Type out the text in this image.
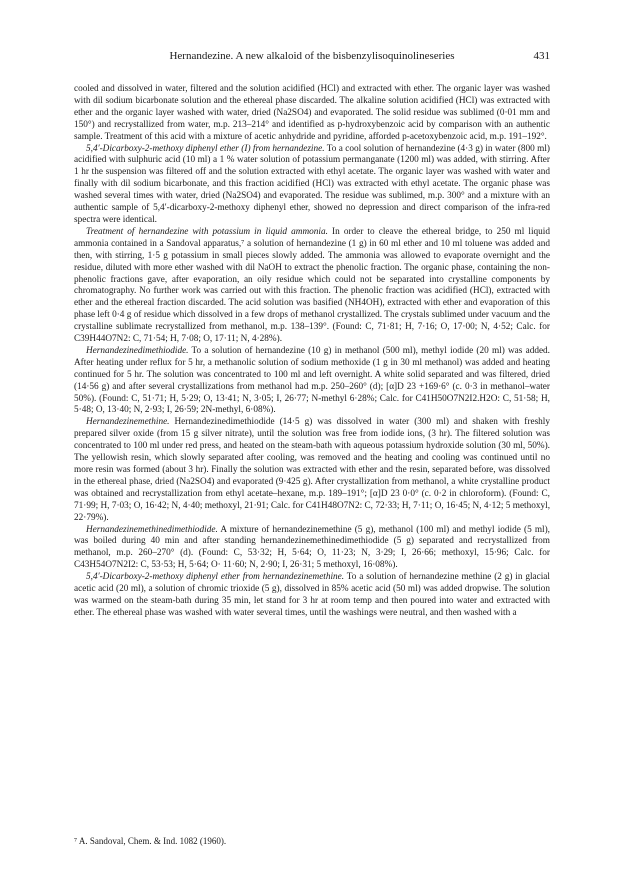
Hernandezine. A new alkaloid of the bisbenzylisoquinolineseries	431

cooled and dissolved in water, filtered and the solution acidified (HCl) and extracted with ether. The organic layer was washed with dil sodium bicarbonate solution and the ethereal phase discarded. The alkaline solution acidified (HCl) was extracted with ether and the organic layer washed with water, dried (Na2SO4) and evaporated. The solid residue was sublimed (0·01 mm and 150°) and recrystallized from water, m.p. 213–214° and identified as p-hydroxybenzoic acid by comparison with an authentic sample. Treatment of this acid with a mixture of acetic anhydride and pyridine, afforded p-acetoxybenzoic acid, m.p. 191–192°.

5,4′-Dicarboxy-2-methoxy diphenyl ether (I) from hernandezine. To a cool solution of hernandezine (4·3 g) in water (800 ml) acidified with sulphuric acid (10 ml) a 1 % water solution of potassium permanganate (1200 ml) was added, with stirring. After 1 hr the suspension was filtered off and the solution extracted with ethyl acetate. The organic layer was washed with water and finally with dil sodium bicarbonate, and this fraction acidified (HCl) was extracted with ethyl acetate. The organic phase was washed several times with water, dried (Na2SO4) and evaporated. The residue was sublimed, m.p. 300° and a mixture with an authentic sample of 5,4′-dicarboxy-2-methoxy diphenyl ether, showed no depression and direct comparison of the infra-red spectra were identical.

Treatment of hernandezine with potassium in liquid ammonia. In order to cleave the ethereal bridge, to 250 ml liquid ammonia contained in a Sandoval apparatus,⁷ a solution of hernandezine (1 g) in 60 ml ether and 10 ml toluene was added and then, with stirring, 1·5 g potassium in small pieces slowly added. The ammonia was allowed to evaporate overnight and the residue, diluted with more ether washed with dil NaOH to extract the phenolic fraction. The organic phase, containing the nonphenolic fractions gave, after evaporation, an oily residue which could not be separated into crystalline components by chromatography. No further work was carried out with this fraction. The phenolic fraction was acidified (HCl), extracted with ether and the ethereal fraction discarded. The acid solution was basified (NH4OH), extracted with ether and evaporation of this phase left 0·4 g of residue which dissolved in a few drops of methanol crystallized. The crystals sublimed under vacuum and the crystalline sublimate recrystallized from methanol, m.p. 138–139°. (Found: C, 71·81; H, 7·16; O, 17·00; N, 4·52; Calc. for C39H44O7N2: C, 71·54; H, 7·08; O, 17·11; N, 4·28%).

Hernandezinedimethiodide. To a solution of hernandezine (10 g) in methanol (500 ml), methyl iodide (20 ml) was added. After heating under reflux for 5 hr, a methanolic solution of sodium methoxide (1 g in 30 ml methanol) was added and heating continued for 5 hr. The solution was concentrated to 100 ml and left overnight. A white solid separated and was filtered, dried (14·56 g) and after several crystallizations from methanol had m.p. 250–260° (d); [α]D 23 +169·6° (c. 0·3 in methanol–water 50%). (Found: C, 51·71; H, 5·29; O, 13·41; N, 3·05; I, 26·77; N-methyl 6·28%; Calc. for C41H50O7N2I2.H2O: C, 51·58; H, 5·48; O, 13·40; N, 2·93; I, 26·59; 2N-methyl, 6·08%).

Hernandezinemethine. Hernandezinedimethiodide (14·5 g) was dissolved in water (300 ml) and shaken with freshly prepared silver oxide (from 15 g silver nitrate), until the solution was free from iodide ions, (3 hr). The filtered solution was concentrated to 100 ml under red press, and heated on the steam-bath with aqueous potassium hydroxide solution (30 ml, 50%). The yellowish resin, which slowly separated after cooling, was removed and the heating and cooling was continued until no more resin was formed (about 3 hr). Finally the solution was extracted with ether and the resin, separated before, was dissolved in the ethereal phase, dried (Na2SO4) and evaporated (9·425 g). After crystallization from methanol, a white crystalline product was obtained and recrystallization from ethyl acetate–hexane, m.p. 189–191°; [α]D 23 0·0° (c. 0·2 in chloroform). (Found: C, 71·99; H, 7·03; O, 16·42; N, 4·40; methoxyl, 21·91; Calc. for C41H48O7N2: C, 72·33; H, 7·11; O, 16·45; N, 4·12; 5 methoxyl, 22·79%).

Hernandezinemethinedimethiodide. A mixture of hernandezinemethine (5 g), methanol (100 ml) and methyl iodide (5 ml), was boiled during 40 min and after standing hernandezinemethinedimethiodide (5 g) separated and recrystallized from methanol, m.p. 260–270° (d). (Found: C, 53·32; H, 5·64; O, 11·23; N, 3·29; I, 26·66; methoxyl, 15·96; Calc. for C43H54O7N2I2: C, 53·53; H, 5·64; O· 11·60; N, 2·90; I, 26·31; 5 methoxyl, 16·08%).

5,4′-Dicarboxy-2-methoxy diphenyl ether from hernandezinemethine. To a solution of hernandezine methine (2 g) in glacial acetic acid (20 ml), a solution of chromic trioxide (5 g), dissolved in 85% acetic acid (50 ml) was added dropwise. The solution was warmed on the steam-bath during 35 min, let stand for 3 hr at room temp and then poured into water and extracted with ether. The ethereal phase was washed with water several times, until the washings were neutral, and then washed with a

⁷ A. Sandoval, Chem. & Ind. 1082 (1960).
